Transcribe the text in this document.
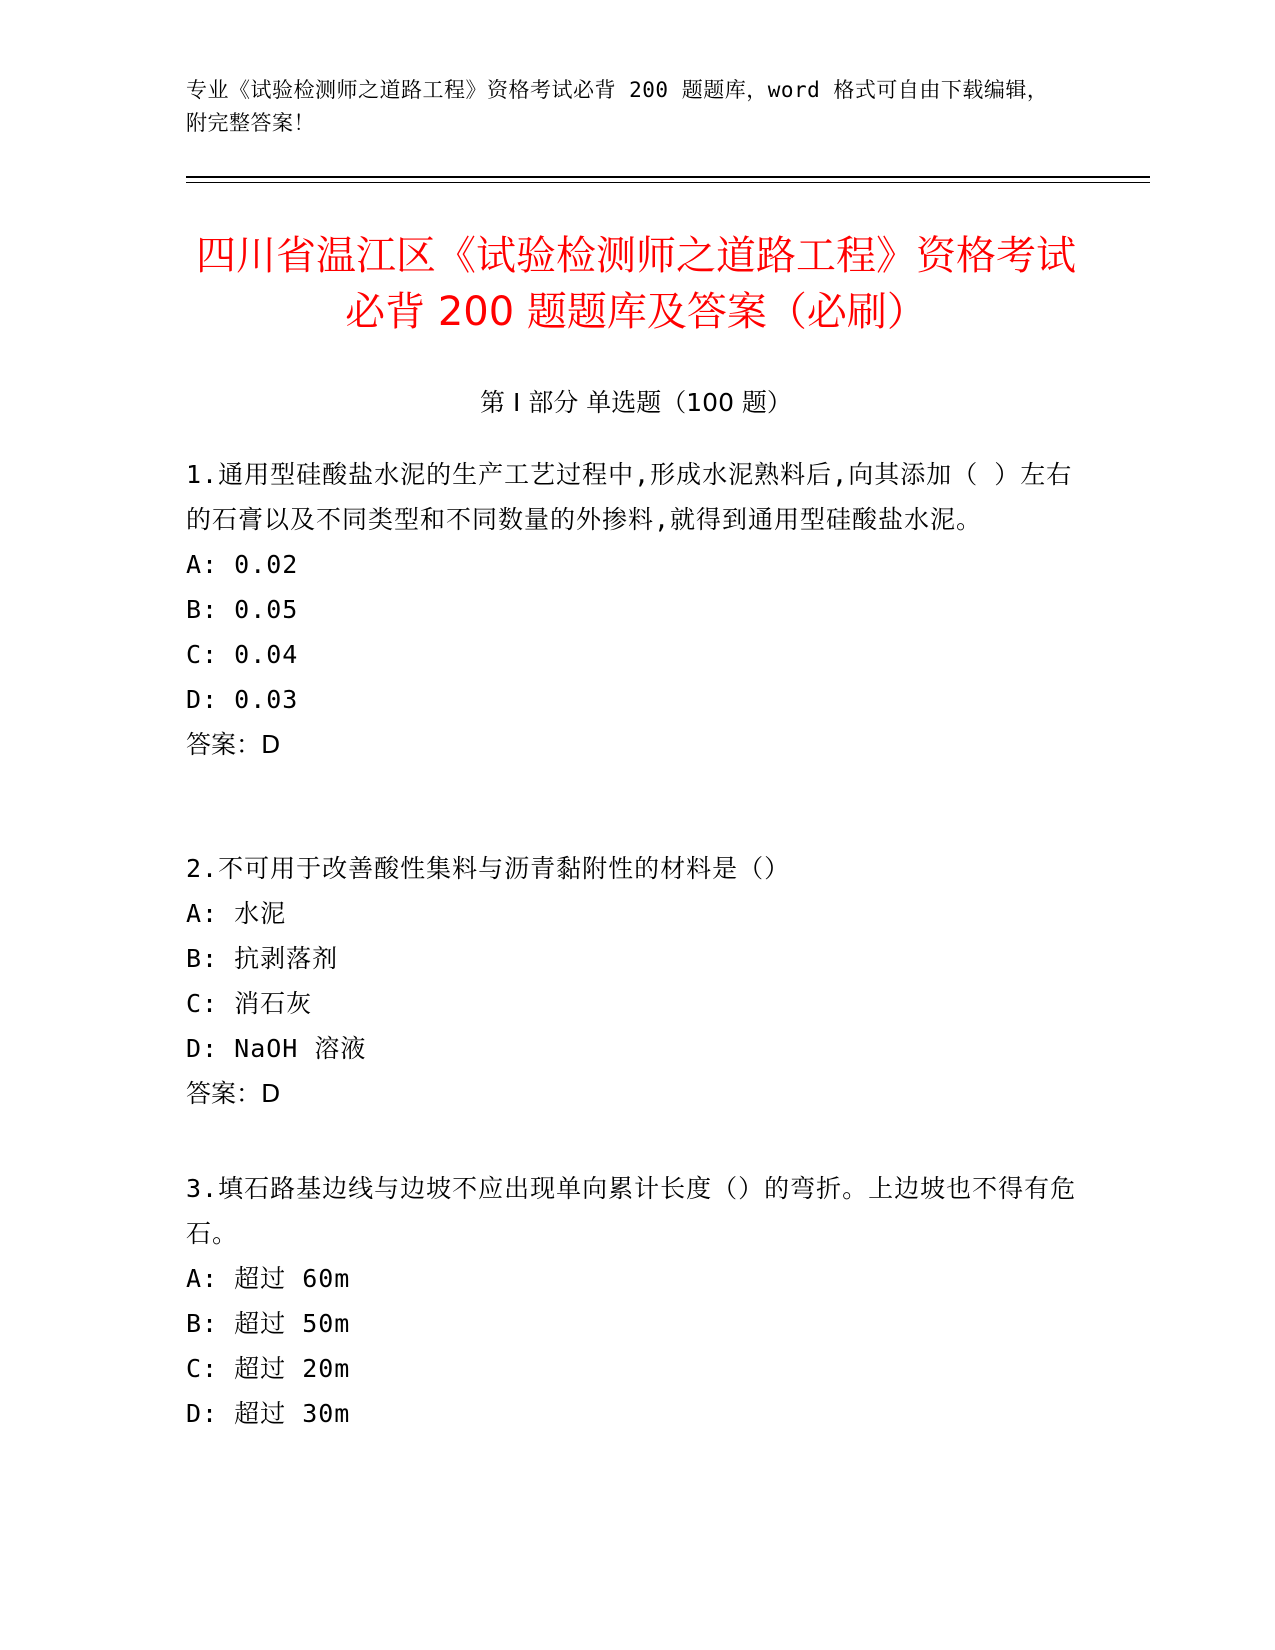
专业《试验检测师之道路工程》资格考试必背 200 题题库，word 格式可自由下载编辑，附完整答案！
四川省温江区《试验检测师之道路工程》资格考试必背 200 题题库及答案（必刷）
第 I 部分 单选题（100 题）
1.通用型硅酸盐水泥的生产工艺过程中,形成水泥熟料后,向其添加（ ）左右的石膏以及不同类型和不同数量的外掺料,就得到通用型硅酸盐水泥。
A: 0.02
B: 0.05
C: 0.04
D: 0.03
答案：D
2.不可用于改善酸性集料与沥青黏附性的材料是（）
A: 水泥
B: 抗剥落剂
C: 消石灰
D: NaOH 溶液
答案：D
3.填石路基边线与边坡不应出现单向累计长度（）的弯折。上边坡也不得有危石。
A: 超过 60m
B: 超过 50m
C: 超过 20m
D: 超过 30m
